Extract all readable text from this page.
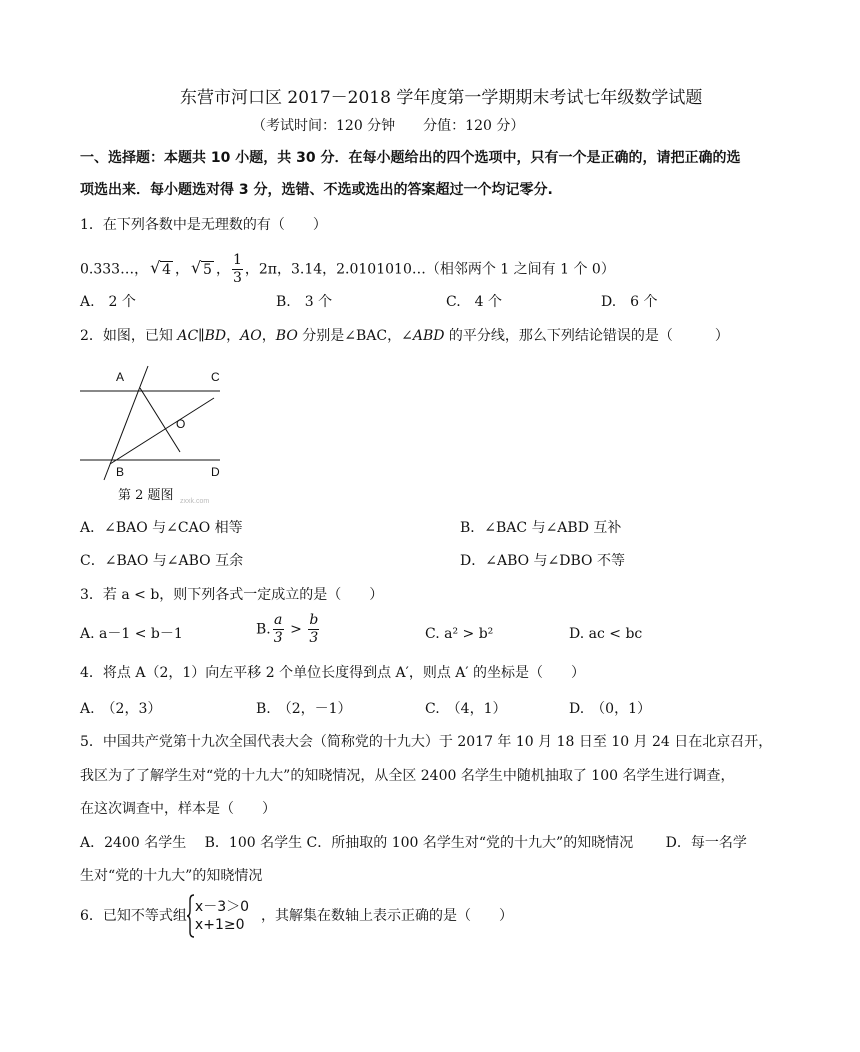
东营市河口区 2017－2018 学年度第一学期期末考试七年级数学试题
（考试时间：120 分钟　　分值：120 分）
一、选择题：本题共 10 小题，共 30 分．在每小题给出的四个选项中，只有一个是正确的，请把正确的选
项选出来．每小题选对得 3 分，选错、不选或选出的答案超过一个均记零分.
1．在下列各数中是无理数的有（　　）
0.333…， √ 4 ， √ 5 ， $\frac{1}{3}$ ，2π，3.14，2.0101010…（相邻两个 1 之间有 1 个 0）
A.　2 个	B.　3 个	C.　4 个	D.　6 个
2．如图，已知 AC∥BD，AO，BO 分别是∠BAC，∠ABD 的平分线，那么下列结论错误的是（　　　）
A	C
O
B	D
第 2 题图 zxxk.com
A．∠BAO 与∠CAO 相等	B．∠BAC 与∠ABD 互补
C．∠BAO 与∠ABO 互余	D．∠ABO 与∠DBO 不等
3．若 a < b，则下列各式一定成立的是（　　）
A. a－1 < b－1	B. $\frac{a}{3} > \frac{b}{3}$	C. a² > b²	D. ac < bc
4．将点 A（2，1）向左平移 2 个单位长度得到点 A′，则点 A′ 的坐标是（　　）
A.　（2，3）	B.　（2，－1）	C.　（4，1）	D.　（0，1）
5．中国共产党第十九次全国代表大会（简称党的十九大）于 2017 年 10 月 18 日至 10 月 24 日在北京召开，
我区为了了解学生对“党的十九大”的知晓情况，从全区 2400 名学生中随机抽取了 100 名学生进行调查，
在这次调查中，样本是（　　）
A．2400 名学生　 B．100 名学生 C．所抽取的 100 名学生对“党的十九大”的知晓情况　　 D．每一名学
生对“党的十九大”的知晓情况
6．已知不等式组
x－3＞0
x+1≥0
，其解集在数轴上表示正确的是（　　）
